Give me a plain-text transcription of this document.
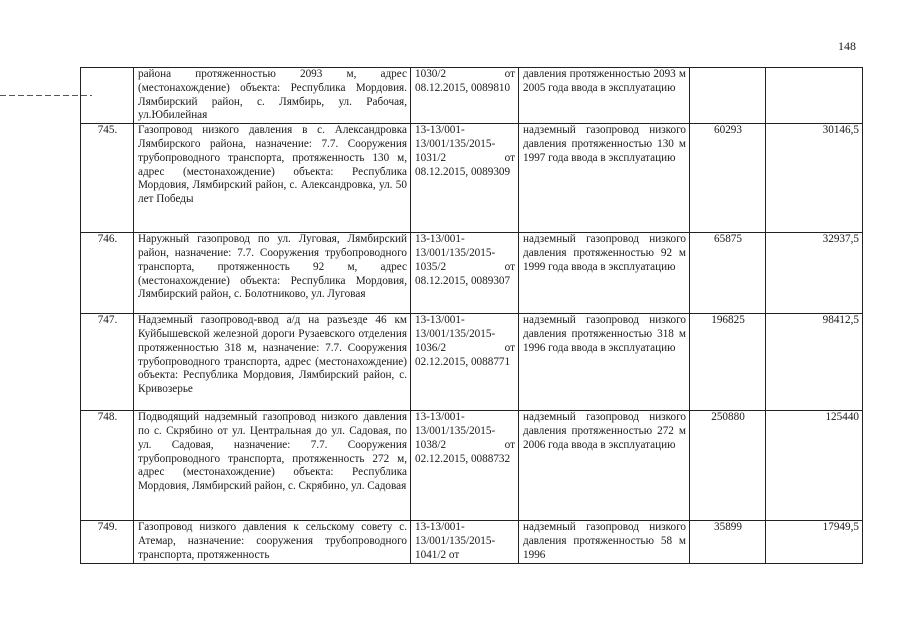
148
	района протяженностью 2093 м, адрес (местонахождение) объекта: Республика Мордовия. Лямбирский район, с. Лямбирь, ул. Рабочая, ул.Юбилейная	1030/2 от 08.12.2015, 0089810	давления протяженностью 2093 м 2005 года ввода в эксплуатацию		
745.	Газопровод низкого давления в с. Александровка Лямбирского района, назначение: 7.7. Сооружения трубопроводного транспорта, протяженность 130 м, адрес (местонахождение) объекта: Республика Мордовия, Лямбирский район, с. Александровка, ул. 50 лет Победы	13-13/001-13/001/135/2015-1031/2 от 08.12.2015, 0089309	надземный газопровод низкого давления протяженностью 130 м 1997 года ввода в эксплуатацию	60293	30146,5
746.	Наружный газопровод по ул. Луговая, Лямбирский район, назначение: 7.7. Сооружения трубопроводного транспорта, протяженность 92 м, адрес (местонахождение) объекта: Республика Мордовия, Лямбирский район, с. Болотниково, ул. Луговая	13-13/001-13/001/135/2015-1035/2 от 08.12.2015, 0089307	надземный газопровод низкого давления протяженностью 92 м 1999 года ввода в эксплуатацию	65875	32937,5
747.	Надземный газопровод-ввод а/д на разъезде 46 км Куйбышевской железной дороги Рузаевского отделения протяженностью 318 м, назначение: 7.7. Сооружения трубопроводного транспорта, адрес (местонахождение) объекта: Республика Мордовия, Лямбирский район, с. Кривозерье	13-13/001-13/001/135/2015-1036/2 от 02.12.2015, 0088771	надземный газопровод низкого давления протяженностью 318 м 1996 года ввода в эксплуатацию	196825	98412,5
748.	Подводящий надземный газопровод низкого давления по с. Скрябино от ул. Центральная до ул. Садовая, по ул. Садовая, назначение: 7.7. Сооружения трубопроводного транспорта, протяженность 272 м, адрес (местонахождение) объекта: Республика Мордовия, Лямбирский район, с. Скрябино, ул. Садовая	13-13/001-13/001/135/2015-1038/2 от 02.12.2015, 0088732	надземный газопровод низкого давления протяженностью 272 м 2006 года ввода в эксплуатацию	250880	125440
749.	Газопровод низкого давления к сельскому совету с. Атемар, назначение: сооружения трубопроводного транспорта, протяженность	13-13/001-13/001/135/2015-1041/2 от	надземный газопровод низкого давления протяженностью 58 м 1996	35899	17949,5
